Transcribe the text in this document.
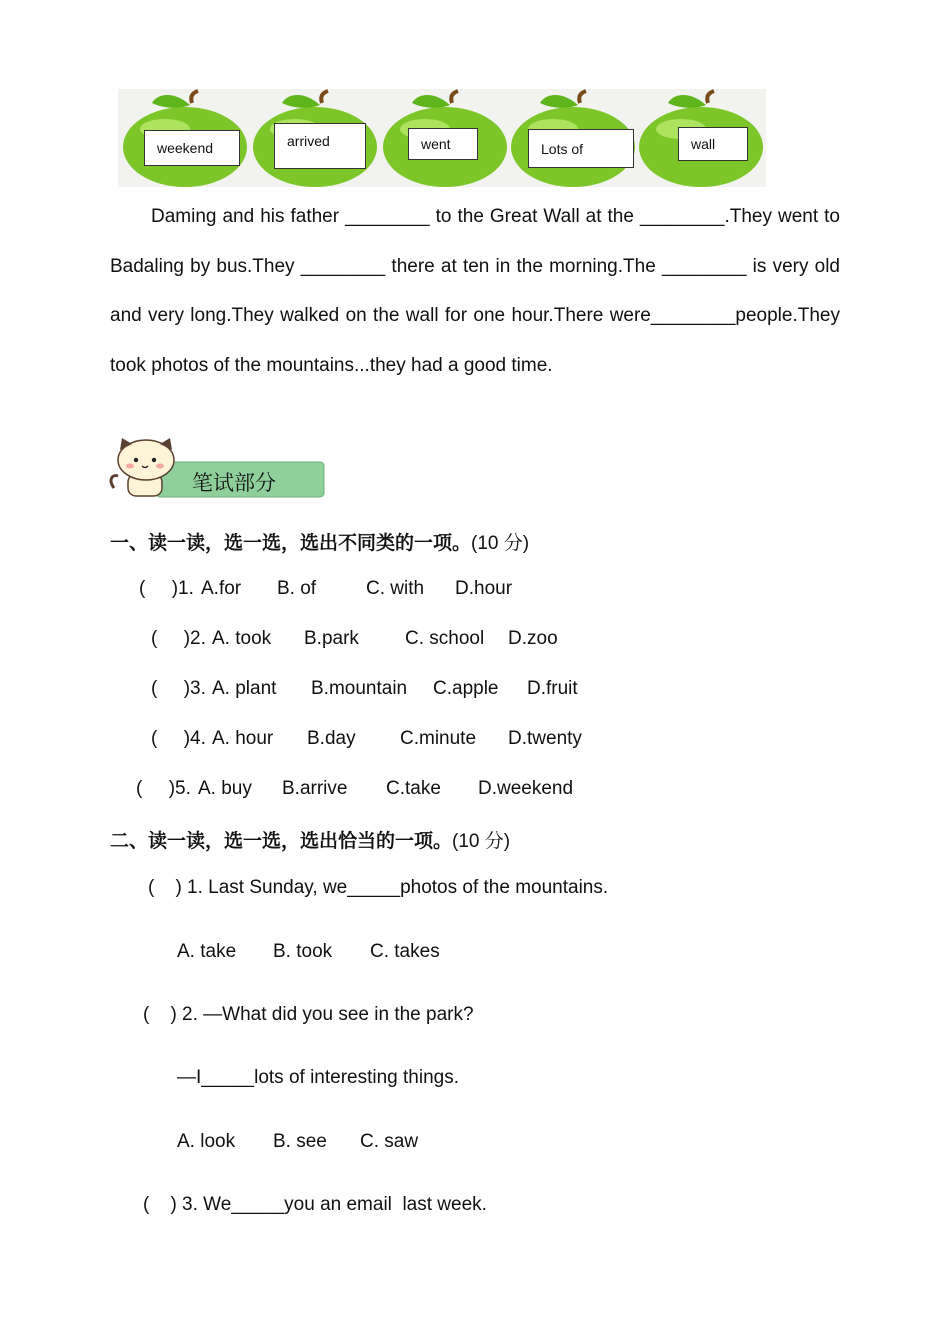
weekend	arrived	went	Lots of	wall
Daming and his father ________ to the Great Wall at the ________.They went to Badaling by bus.They ________ there at ten in the morning.The ________ is very old and very long.They walked on the wall for one hour.There were________people.They took photos of the mountains...they had a good time.
笔试部分
一、读一读，选一选，选出不同类的一项。(10 分)
(     )1. A.for B. of	C. with D.hour
(     )2. A. took B.park C. school D.zoo
(     )3. A. plant B.mountain C.apple D.fruit
(     )4. A. hour B.day C.minute D.twenty
(     )5. A. buy B.arrive C.take D.weekend
二、读一读，选一选，选出恰当的一项。(10 分)
(    ) 1. Last Sunday, we_____photos of the mountains.
A. take B. took C. takes
(    ) 2. —What did you see in the park?
—I_____lots of interesting things.
A. look B. see C. saw
(    ) 3. We_____you an email  last week.
